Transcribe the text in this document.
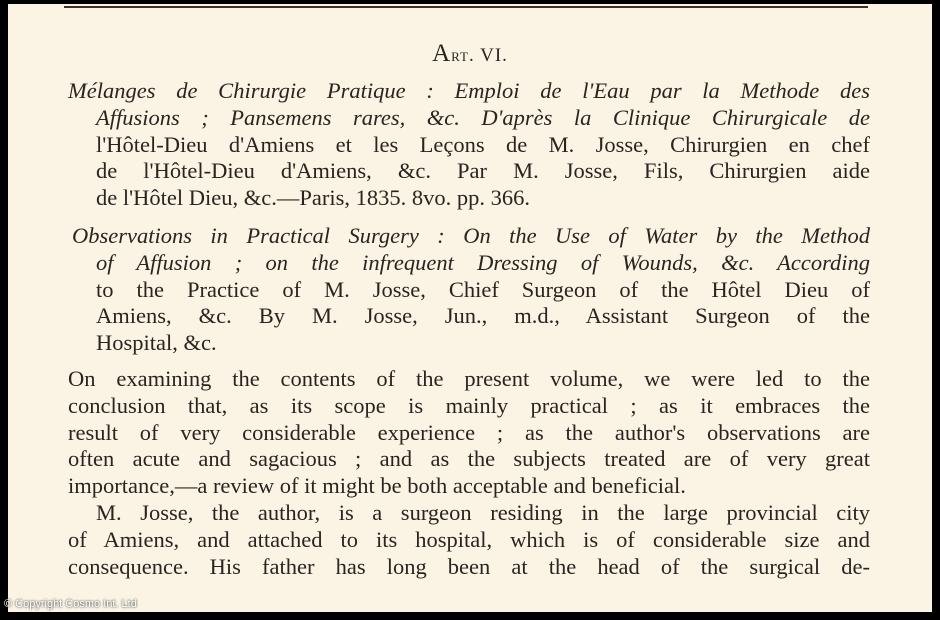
Art. VI.
Mélanges de Chirurgie Pratique : Emploi de l'Eau par la Methode des
Affusions ; Pansemens rares, &c. D'après la Clinique Chirurgicale de
l'Hôtel-Dieu d'Amiens et les Leçons de M. Josse, Chirurgien en chef
de l'Hôtel-Dieu d'Amiens, &c. Par M. Josse, Fils, Chirurgien aide
de l'Hôtel Dieu, &c.—Paris, 1835. 8vo. pp. 366.
Observations in Practical Surgery : On the Use of Water by the Method
of Affusion ; on the infrequent Dressing of Wounds, &c. According
to the Practice of M. Josse, Chief Surgeon of the Hôtel Dieu of
Amiens, &c. By M. Josse, Jun., m.d., Assistant Surgeon of the
Hospital, &c.
On examining the contents of the present volume, we were led to the
conclusion that, as its scope is mainly practical ; as it embraces the
result of very considerable experience ; as the author's observations are
often acute and sagacious ; and as the subjects treated are of very great
importance,—a review of it might be both acceptable and beneficial.
M. Josse, the author, is a surgeon residing in the large provincial city
of Amiens, and attached to its hospital, which is of considerable size and
consequence. His father has long been at the head of the surgical de-
© Copyright Cosmo Int. Ltd
